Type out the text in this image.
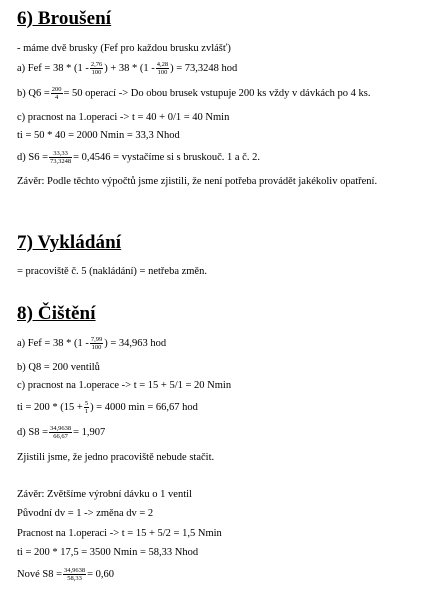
6) Broušení
- máme dvě brusky (Fef pro každou brusku zvlášť)
a) Fef = $38 * (1 - \frac{2,76}{100}$ ) + $38 * (1 - \frac{4,28}{100}$ ) = 73,3248 hod
b) $Q6 = \frac{200}{4} = 50$ operací -> Do obou brusek vstupuje 200 ks vždy v dávkách po 4 ks.
c) pracnost na 1.operaci -> t = 40 + 0/1 = 40 Nmin
ti = 50 * 40 = 2000 Nmin = 33,3 Nhod
d) $S6 = \frac{33,33}{73,3248} = 0,4546$ = vystačíme si s bruskouč. 1 a č. 2.
Závěr: Podle těchto výpočtů jsme zjistili, že není potřeba provádět jakékoliv opatření.
7) Vykládání
= pracoviště č. 5 (nakládání) = netřeba změn.
8) Čištění
a) Fef = $38 * (1 - \frac{7,99}{100}$ ) = 34,963 hod
b) Q8 = 200 ventilů
c) pracnost na 1.operace -> t = 15 + 5/1 = 20 Nmin
ti = $200 * (15 + \frac{5}{1}$ ) = 4000 min = 66,67 hod
d) $S8 = \frac{34,9638}{66,67} = 1,907$
Zjistili jsme, že jedno pracoviště nebude stačit.
Závěr: Zvětšíme výrobní dávku o 1 ventil
Původní dv = 1 -> změna dv = 2
Pracnost na 1.operaci -> t = 15 + 5/2 = 1,5 Nmin
ti = 200 * 17,5 = 3500 Nmin = 58,33 Nhod
Nové $S8 = \frac{34,9638}{58,33} = 0,60$
